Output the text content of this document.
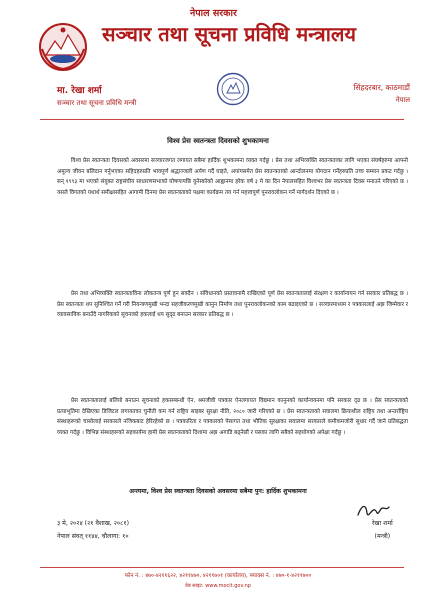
नेपाल सरकार
सञ्चार तथा सूचना प्रविधि मन्त्रालय
मा. रेखा शर्मा
सञ्चार तथा सूचना प्रविधि मन्त्री
सिंहदरबार, काठमाडौं
नेपाल
विश्व प्रेस स्वतन्त्रता दिवसको शुभकामना

विश्व प्रेस स्वतन्त्रता दिवसको अवसरमा सञ्चारजगत लगायत सबैमा हार्दिक शुभकामना व्यक्त गर्दछु । प्रेस तथा अभिव्यक्ति स्वतन्त्रताका लागि भएका संघर्षहरुमा आफ्नो अमूल्य जीवन बलिदान गर्नुभएका सहिदहरुप्रति भावपूर्ण श्रद्धाञ्जली अर्पण गर्दै घाइते, अपांगसमेत प्रेस स्वतन्त्रताको आन्दोलनमा योगदान गर्नेहरुप्रति उच्च सम्मान प्रकट गर्दछु । सन् १९९३ मा भएको संयुक्त राष्ट्रसंघीय साधारणसभाको घोषणापछि युनेस्कोको आह्वानमा हरेक वर्ष ३ मे का दिन नेपालसहित विश्वभर प्रेस स्वतन्त्रता दिवस मनाउने गरिएको छ । यसले विगतको यथार्थ समीक्षासहित आगामी दिनमा प्रेस स्वतन्त्रताको पक्षमा कार्यक्रम तय गर्न महत्त्वपूर्ण पुनरावलोकन गर्ने मार्गदर्शन दिएको छ ।

प्रेस तथा अभिव्यक्ति स्वतन्त्रताविना लोकतन्त्र पूर्ण हुन सक्दैन । संविधानको प्रस्तावनामै राखिएको पूर्ण प्रेस स्वतन्त्रतालाई संरक्षण र कार्यान्वयन गर्न सरकार प्रतिबद्ध छ । प्रेस स्वतन्त्रता थप सुनिश्चित गर्ने गरी नियन्त्रणमुखी भन्दा सहजीकरणमुखी कानुन निर्माण तथा पुनरावलोकनको काम बढाइएको छ । सञ्चारमाध्यम र पत्रकारलाई अझ जिम्मेवार र व्यावसायिक बनाउँदै नागरिकको सूचनाको हकलाई थप सुदृढ बनाउन सरकार प्रतिबद्ध छ ।

प्रेस स्वतन्त्रतालाई बलियो बनाउन सूचनाको हकसम्बन्धी ऐन, श्रमजीवी पत्रकार ऐनलगायत विद्यमान कानुनको कार्यान्वयनमा पनि सरकार दृढ छ । प्रेस स्वतन्त्रताको प्रत्याभूतिमा देखिएका डिजिटल लगायतका चुनौती कम गर्न राष्ट्रिय साइबर सुरक्षा नीति, २०८० जारी गरिएको छ । प्रेस स्वतन्त्रताको सवालमा क्रियाशील राष्ट्रिय तथा अन्तर्राष्ट्रिय संस्थाहरूको चासोलाई सरकारले नजिकबाट हेरिरहेको छ । पत्रकारिता र पत्रकारको पेसागत तथा भौतिक सुरक्षाका सवालमा सरकारले कमीकमजोरी सुधार गर्दै जाने प्रतिबद्धता व्यक्त गर्दछु । विभिन्न संस्थाहरूको सहकार्यमा हामी प्रेस स्वतन्त्रताको दिशामा अझ अगाडि बढ्नेछौं र यसका लागि सबैको सहयोगको अपेक्षा गर्दछु ।

अन्त्यमा, विश्व प्रेस स्वतन्त्रता दिवसको अवसरमा सबैमा पुन: हार्दिक शुभकामना
३ मे, २०२४ (२१ वैशाख, २०८१)
नेपाल संवत् ११४४, चौलागा: १०
रेखा शर्मा
(मन्त्री)
फोन नं. : ४७०-४२११६२२, ४२११४७०, ४२११७०१ (कार्यालय), फ्याक्स नं. : ४७०-१-४२११७००
वेब साइट: www.mocit.gov.np
